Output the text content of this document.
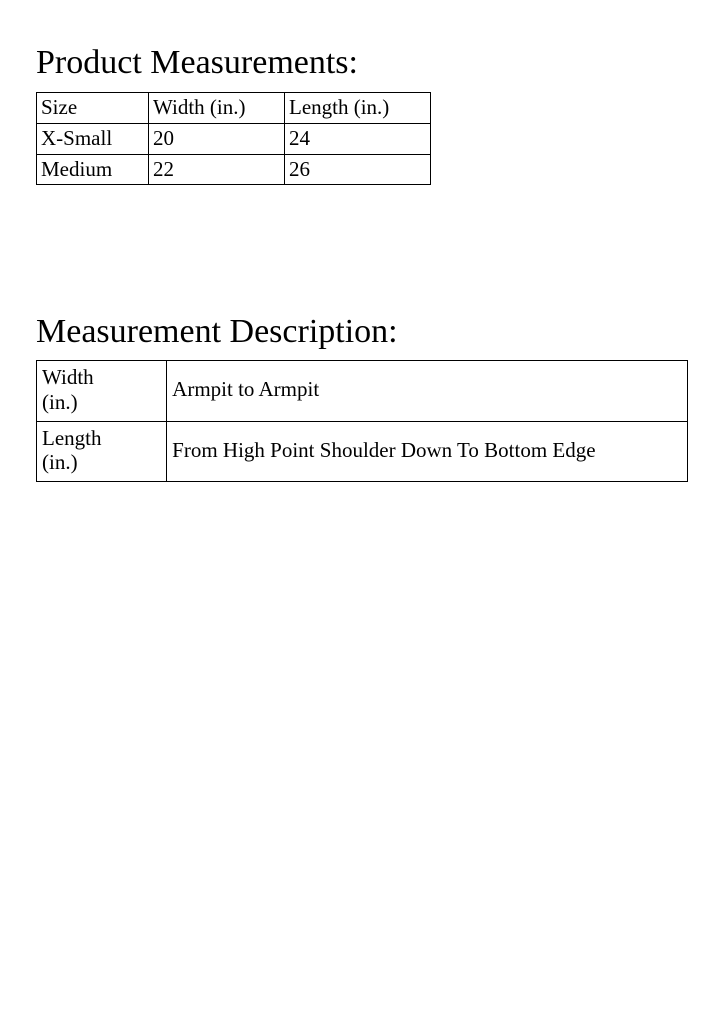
Product Measurements:
Size	Width (in.)	Length (in.)
X-Small	20	24
Medium	22	26
Measurement Description:
Width
(in.)	Armpit to Armpit
Length
(in.)	From High Point Shoulder Down To Bottom Edge
